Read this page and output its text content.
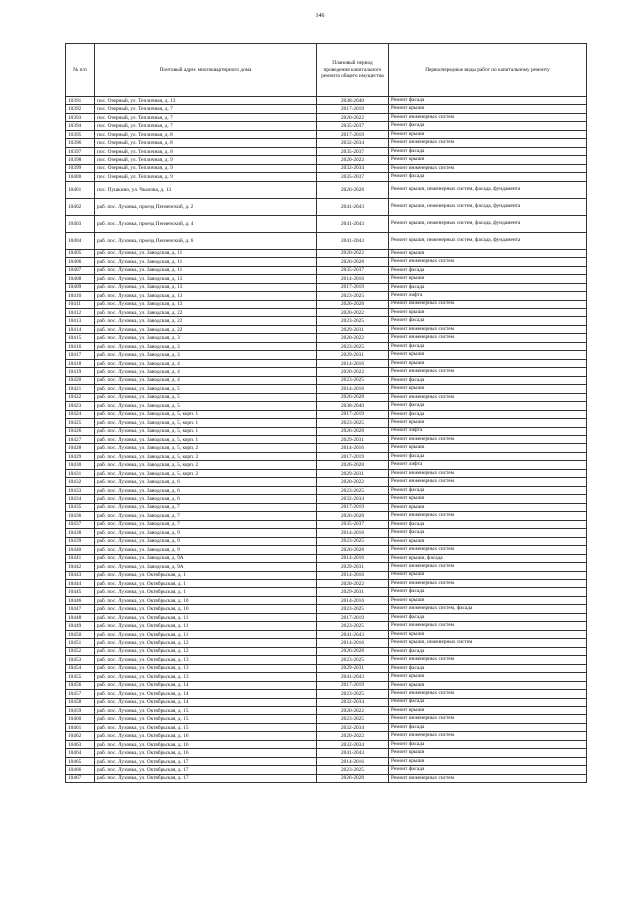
146
№ п/п	Почтовый адрес многоквартирного дома	Плановый период проведения капитального ремонта общего имущества	Первоочередные виды работ по капитальному ремонту
10391	пос. Озерный, ул. Тепличная, д. 13	2038-2040	Ремонт фасада
10392	пос. Озерный, ул. Тепличная, д. 7	2017-2019	Ремонт крыши
10393	пос. Озерный, ул. Тепличная, д. 7	2020-2022	Ремонт инженерных систем
10394	пос. Озерный, ул. Тепличная, д. 7	2035-2037	Ремонт фасада
10395	пос. Озерный, ул. Тепличная, д. 8	2017-2019	Ремонт крыши
10396	пос. Озерный, ул. Тепличная, д. 8	2032-2034	Ремонт инженерных систем
10397	пос. Озерный, ул. Тепличная, д. 8	2035-2037	Ремонт фасада
10398	пос. Озерный, ул. Тепличная, д. 9	2020-2022	Ремонт крыши
10399	пос. Озерный, ул. Тепличная, д. 9	2032-2034	Ремонт инженерных систем
10400	пос. Озерный, ул. Тепличная, д. 9	2035-2037	Ремонт фасада
10401	пос. Пушкино, ул. Чкалова, д. 13	2026-2028	Ремонт крыши, инженерных систем, фасада, фундамента
10402	раб. пос. Луховка, проезд Пензенский, д. 2	2041-2043	Ремонт крыши, инженерных систем, фасада, фундамента
10403	раб. пос. Луховка, проезд Пензенский, д. 4	2041-2043	Ремонт крыши, инженерных систем, фасада, фундамента
10404	раб. пос. Луховка, проезд Пензенский, д. 6	2041-2043	Ремонт крыши, инженерных систем, фасада, фундамента
10405	раб. пос. Луховка, ул. Заводская, д. 11	2020-2022	Ремонт крыши
10406	раб. пос. Луховка, ул. Заводская, д. 11	2026-2028	Ремонт инженерных систем
10407	раб. пос. Луховка, ул. Заводская, д. 11	2035-2037	Ремонт фасада
10408	раб. пос. Луховка, ул. Заводская, д. 13	2014-2016	Ремонт крыши
10409	раб. пос. Луховка, ул. Заводская, д. 13	2017-2019	Ремонт фасада
10410	раб. пос. Луховка, ул. Заводская, д. 13	2023-2025	Ремонт лифта
10411	раб. пос. Луховка, ул. Заводская, д. 13	2026-2028	Ремонт инженерных систем
10412	раб. пос. Луховка, ул. Заводская, д. 22	2020-2022	Ремонт крыши
10413	раб. пос. Луховка, ул. Заводская, д. 22	2023-2025	Ремонт фасада
10414	раб. пос. Луховка, ул. Заводская, д. 22	2029-2031	Ремонт инженерных систем
10415	раб. пос. Луховка, ул. Заводская, д. 3	2020-2022	Ремонт инженерных систем
10416	раб. пос. Луховка, ул. Заводская, д. 3	2023-2025	Ремонт фасада
10417	раб. пос. Луховка, ул. Заводская, д. 3	2029-2031	Ремонт крыши
10418	раб. пос. Луховка, ул. Заводская, д. 4	2014-2016	Ремонт крыши
10419	раб. пос. Луховка, ул. Заводская, д. 4	2020-2022	Ремонт инженерных систем
10420	раб. пос. Луховка, ул. Заводская, д. 4	2023-2025	Ремонт фасада
10421	раб. пос. Луховка, ул. Заводская, д. 5	2014-2016	Ремонт крыши
10422	раб. пос. Луховка, ул. Заводская, д. 5	2026-2028	Ремонт инженерных систем
10423	раб. пос. Луховка, ул. Заводская, д. 5	2038-2040	Ремонт фасада
10424	раб. пос. Луховка, ул. Заводская, д. 5, корп. 1	2017-2019	Ремонт фасада
10425	раб. пос. Луховка, ул. Заводская, д. 5, корп. 1	2023-2025	Ремонт крыши
10426	раб. пос. Луховка, ул. Заводская, д. 5, корп. 1	2026-2028	Ремонт лифта
10427	раб. пос. Луховка, ул. Заводская, д. 5, корп. 1	2029-2031	Ремонт инженерных систем
10428	раб. пос. Луховка, ул. Заводская, д. 5, корп. 2	2014-2016	Ремонт крыши
10429	раб. пос. Луховка, ул. Заводская, д. 5, корп. 2	2017-2019	Ремонт фасада
10430	раб. пос. Луховка, ул. Заводская, д. 5, корп. 2	2026-2028	Ремонт лифта
10431	раб. пос. Луховка, ул. Заводская, д. 5, корп. 2	2029-2031	Ремонт инженерных систем
10432	раб. пос. Луховка, ул. Заводская, д. 6	2020-2022	Ремонт инженерных систем
10433	раб. пос. Луховка, ул. Заводская, д. 6	2023-2025	Ремонт фасада
10434	раб. пос. Луховка, ул. Заводская, д. 6	2032-2034	Ремонт крыши
10435	раб. пос. Луховка, ул. Заводская, д. 7	2017-2019	Ремонт крыши
10436	раб. пос. Луховка, ул. Заводская, д. 7	2026-2028	Ремонт инженерных систем
10437	раб. пос. Луховка, ул. Заводская, д. 7	2035-2037	Ремонт фасада
10438	раб. пос. Луховка, ул. Заводская, д. 9	2014-2016	Ремонт фасада
10439	раб. пос. Луховка, ул. Заводская, д. 9	2023-2025	Ремонт крыши
10440	раб. пос. Луховка, ул. Заводская, д. 9	2026-2028	Ремонт инженерных систем
10441	раб. пос. Луховка, ул. Заводская, д. 9А	2014-2016	Ремонт крыши, фасада
10442	раб. пос. Луховка, ул. Заводская, д. 9А	2029-2031	Ремонт инженерных систем
10443	раб. пос. Луховка, ул. Октябрьская, д. 1	2014-2016	Ремонт крыши
10444	раб. пос. Луховка, ул. Октябрьская, д. 1	2020-2022	Ремонт инженерных систем
10445	раб. пос. Луховка, ул. Октябрьская, д. 1	2029-2031	Ремонт фасада
10446	раб. пос. Луховка, ул. Октябрьская, д. 10	2014-2016	Ремонт крыши
10447	раб. пос. Луховка, ул. Октябрьская, д. 10	2023-2025	Ремонт инженерных систем, фасада
10448	раб. пос. Луховка, ул. Октябрьская, д. 11	2017-2019	Ремонт фасада
10449	раб. пос. Луховка, ул. Октябрьская, д. 11	2023-2025	Ремонт инженерных систем
10450	раб. пос. Луховка, ул. Октябрьская, д. 11	2041-2043	Ремонт крыши
10451	раб. пос. Луховка, ул. Октябрьская, д. 12	2014-2016	Ремонт крыши, инженерных систем
10452	раб. пос. Луховка, ул. Октябрьская, д. 12	2026-2028	Ремонт фасада
10453	раб. пос. Луховка, ул. Октябрьская, д. 13	2023-2025	Ремонт инженерных систем
10454	раб. пос. Луховка, ул. Октябрьская, д. 13	2029-2031	Ремонт фасада
10455	раб. пос. Луховка, ул. Октябрьская, д. 13	2041-2043	Ремонт крыши
10456	раб. пос. Луховка, ул. Октябрьская, д. 14	2017-2019	Ремонт крыши
10457	раб. пос. Луховка, ул. Октябрьская, д. 14	2023-2025	Ремонт инженерных систем
10458	раб. пос. Луховка, ул. Октябрьская, д. 14	2032-2034	Ремонт фасада
10459	раб. пос. Луховка, ул. Октябрьская, д. 15	2020-2022	Ремонт крыши
10460	раб. пос. Луховка, ул. Октябрьская, д. 15	2023-2025	Ремонт инженерных систем
10461	раб. пос. Луховка, ул. Октябрьская, д. 15	2032-2034	Ремонт фасада
10462	раб. пос. Луховка, ул. Октябрьская, д. 16	2020-2022	Ремонт инженерных систем
10463	раб. пос. Луховка, ул. Октябрьская, д. 16	2032-2034	Ремонт фасада
10464	раб. пос. Луховка, ул. Октябрьская, д. 16	2041-2043	Ремонт крыши
10465	раб. пос. Луховка, ул. Октябрьская, д. 17	2014-2016	Ремонт крыши
10466	раб. пос. Луховка, ул. Октябрьская, д. 17	2023-2025	Ремонт фасада
10467	раб. пос. Луховка, ул. Октябрьская, д. 17	2026-2028	Ремонт инженерных систем
